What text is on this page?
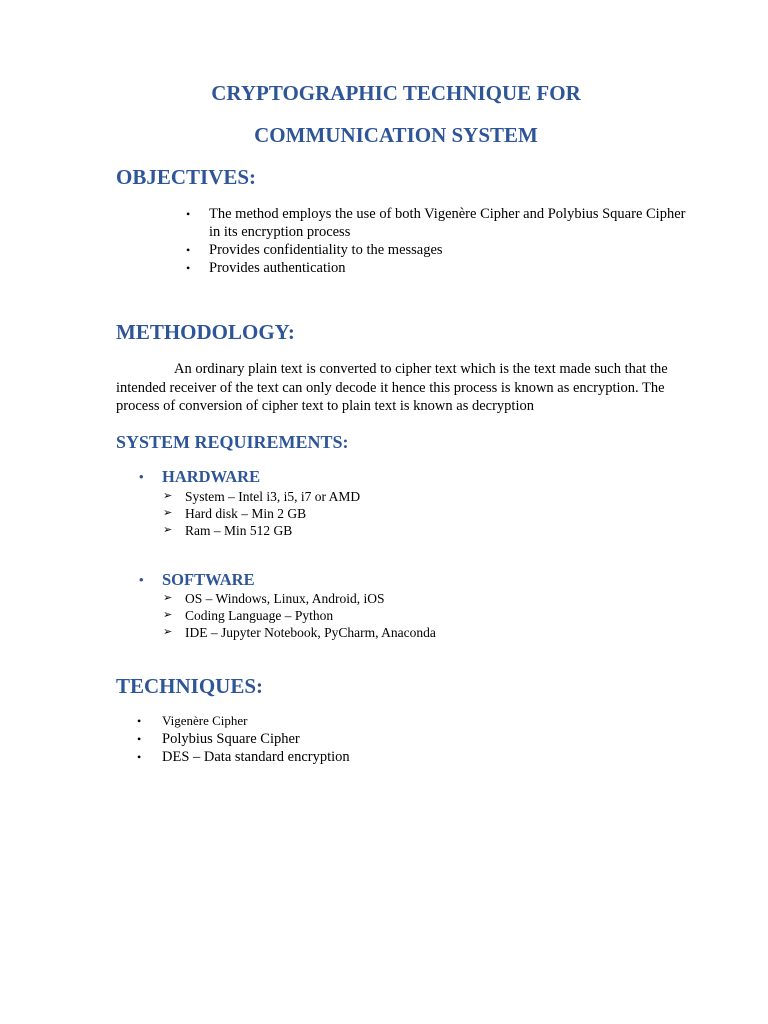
CRYPTOGRAPHIC TECHNIQUE FOR
COMMUNICATION SYSTEM
OBJECTIVES:
• The method employs the use of both Vigenère Cipher and Polybius Square Cipher in its encryption process
• Provides confidentiality to the messages
• Provides authentication
METHODOLOGY:

An ordinary plain text is converted to cipher text which is the text made such that the intended receiver of the text can only decode it hence this process is known as encryption. The process of conversion of cipher text to plain text is known as decryption

SYSTEM REQUIREMENTS:
• HARDWARE
➢ System – Intel i3, i5, i7 or AMD
➢ Hard disk – Min 2 GB
➢ Ram – Min 512 GB
• SOFTWARE
➢ OS – Windows, Linux, Android, iOS
➢ Coding Language – Python
➢ IDE – Jupyter Notebook, PyCharm, Anaconda
TECHNIQUES:
• Vigenère Cipher
• Polybius Square Cipher
• DES – Data standard encryption
